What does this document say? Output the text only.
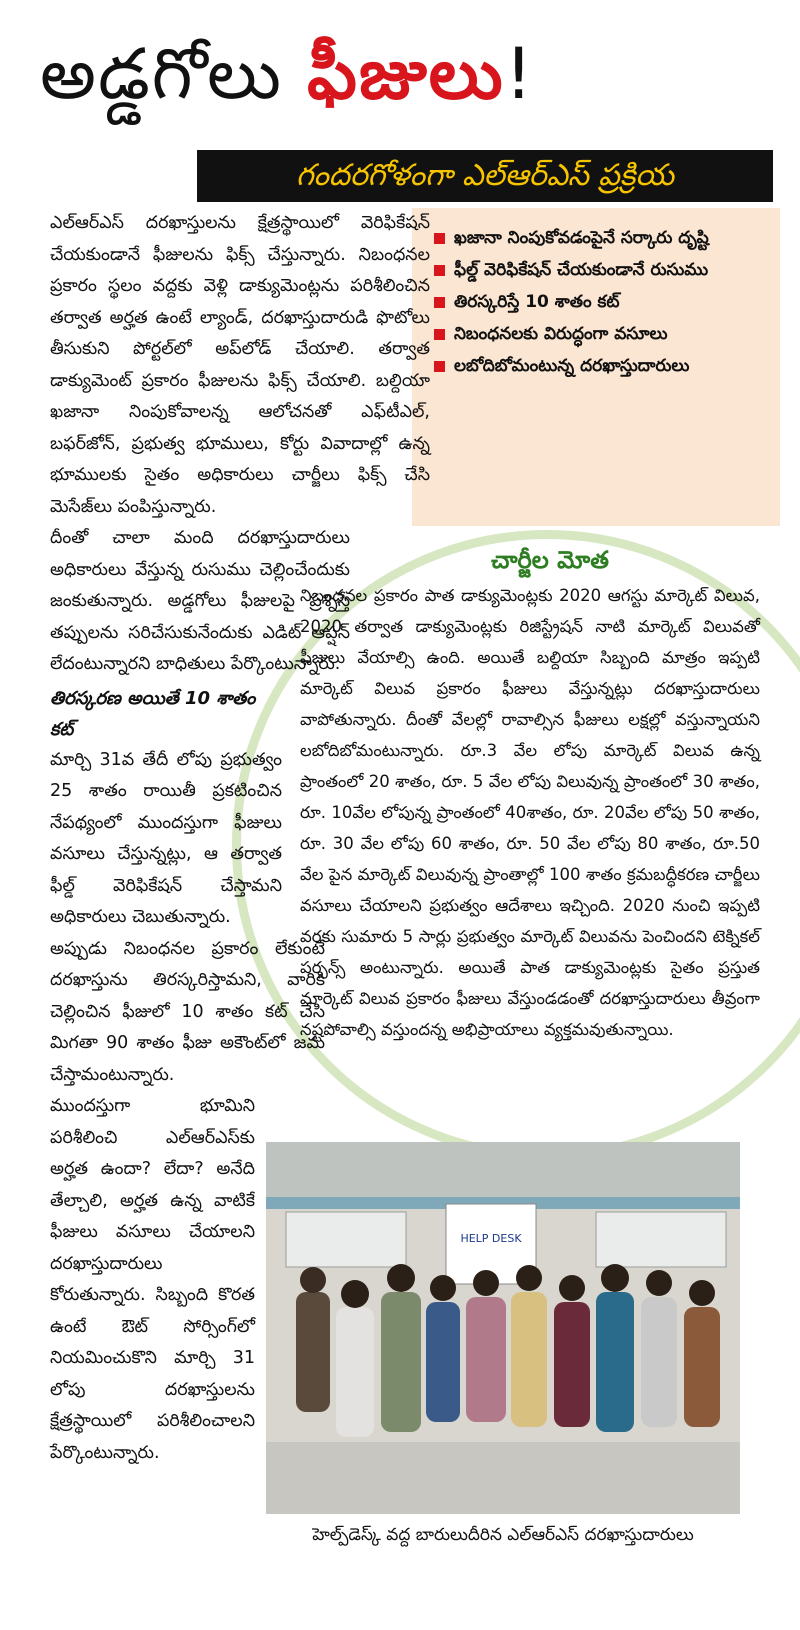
అడ్డగోలు ఫీజులు!
గందరగోళంగా ఎల్‌ఆర్‌ఎస్ ప్రక్రియ
ఖజానా నింపుకోవడంపైనే సర్కారు దృష్టి
ఫీల్డ్ వెరిఫికేషన్ చేయకుండానే రుసుము
తిరస్కరిస్తే 10 శాతం కట్
నిబంధనలకు విరుద్ధంగా వసూలు
లబోదిబోమంటున్న దరఖాస్తుదారులు

ఎల్‌ఆర్‌ఎస్ దరఖాస్తులను క్షేత్రస్థాయిలో వెరిఫికేషన్ చేయకుండానే ఫీజులను ఫిక్స్ చేస్తున్నారు. నిబంధనల ప్రకారం స్థలం వద్దకు వెళ్లి డాక్యుమెంట్లను పరిశీలించిన తర్వాత అర్హత ఉంటే ల్యాండ్, దరఖాస్తుదారుడి ఫొటోలు తీసుకుని పోర్టల్‌లో అప్‌లోడ్ చేయాలి. తర్వాత డాక్యుమెంట్ ప్రకారం ఫీజులను ఫిక్స్ చేయాలి. బల్దియా ఖజానా నింపుకోవాలన్న ఆలోచనతో ఎఫ్‌టీఎల్, బఫర్‌జోన్, ప్రభుత్వ భూములు, కోర్టు వివాదాల్లో ఉన్న భూములకు సైతం అధికారులు చార్జీలు ఫిక్స్ చేసి మెసేజ్‌లు పంపిస్తున్నారు.

దీంతో చాలా మంది దరఖాస్తుదారులు అధికారులు వేస్తున్న రుసుము చెల్లించేందుకు జంకుతున్నారు. అడ్డగోలు ఫీజులపై ప్రశ్నిస్తే తప్పులను సరిచేసుకునేందుకు ఎడిట్ ఆప్షన్ లేదంటున్నారని బాధితులు పేర్కొంటున్నారు.

తిరస్కరణ అయితే 10 శాతం కట్

మార్చి 31వ తేదీ లోపు ప్రభుత్వం 25 శాతం రాయితీ ప్రకటించిన నేపథ్యంలో ముందస్తుగా ఫీజులు వసూలు చేస్తున్నట్లు, ఆ తర్వాత ఫీల్డ్ వెరిఫికేషన్ చేస్తామని అధికారులు చెబుతున్నారు.

అప్పుడు నిబంధనల ప్రకారం లేకుంటే దరఖాస్తును తిరస్కరిస్తామని, వారికి చెల్లించిన ఫీజులో 10 శాతం కట్ చేసి మిగతా 90 శాతం ఫీజు అకౌంట్‌లో జమ చేస్తామంటున్నారు.

ముందస్తుగా భూమిని పరిశీలించి ఎల్‌ఆర్‌ఎస్‌కు అర్హత ఉందా? లేదా? అనేది తేల్చాలి, అర్హత ఉన్న వాటికే ఫీజులు వసూలు చేయాలని దరఖాస్తుదారులు కోరుతున్నారు. సిబ్బంది కొరత ఉంటే ఔట్ సోర్సింగ్‌లో నియమించుకొని మార్చి 31 లోపు దరఖాస్తులను క్షేత్రస్థాయిలో పరిశీలించాలని పేర్కొంటున్నారు.

చార్జీల మోత

నిబంధనల ప్రకారం పాత డాక్యుమెంట్లకు 2020 ఆగస్టు మార్కెట్ విలువ, 2020 తర్వాత డాక్యుమెంట్లకు రిజిస్ట్రేషన్ నాటి మార్కెట్ విలువతో ఫీజులు వేయాల్సి ఉంది. అయితే బల్దియా సిబ్బంది మాత్రం ఇప్పటి మార్కెట్ విలువ ప్రకారం ఫీజులు వేస్తున్నట్లు దరఖాస్తుదారులు వాపోతున్నారు. దీంతో వేలల్లో రావాల్సిన ఫీజులు లక్షల్లో వస్తున్నాయని లబోదిబోమంటున్నారు. రూ.3 వేల లోపు మార్కెట్ విలువ ఉన్న ప్రాంతంలో 20 శాతం, రూ. 5 వేల లోపు విలువున్న ప్రాంతంలో 30 శాతం, రూ. 10వేల లోపున్న ప్రాంతంలో 40శాతం, రూ. 20వేల లోపు 50 శాతం, రూ. 30 వేల లోపు 60 శాతం, రూ. 50 వేల లోపు 80 శాతం, రూ.50 వేల పైన మార్కెట్ విలువున్న ప్రాంతాల్లో 100 శాతం క్రమబద్ధీకరణ చార్జీలు వసూలు చేయాలని ప్రభుత్వం ఆదేశాలు ఇచ్చింది. 2020 నుంచి ఇప్పటి వరకు సుమారు 5 సార్లు ప్రభుత్వం మార్కెట్ విలువను పెంచిందని టెక్నికల్ పర్సన్స్ అంటున్నారు. అయితే పాత డాక్యుమెంట్లకు సైతం ప్రస్తుత మార్కెట్ విలువ ప్రకారం ఫీజులు వేస్తుండడంతో దరఖాస్తుదారులు తీవ్రంగా నష్టపోవాల్సి వస్తుందన్న అభిప్రాయాలు వ్యక్తమవుతున్నాయి.

HELP DESK
హెల్ప్‌డెస్క్ వద్ద బారులుదీరిన ఎల్‌ఆర్‌ఎస్ దరఖాస్తుదారులు
